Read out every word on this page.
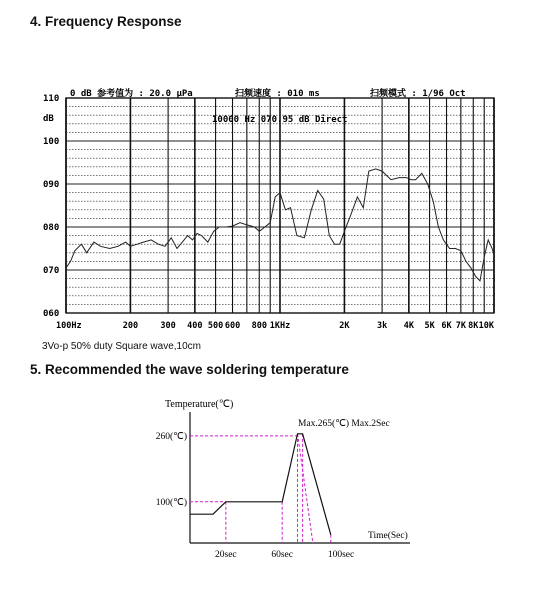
4. Frequency Response
0 dB 参考值为 : 20.0 μPa	扫频速度 : 010 ms	扫频模式 : 1/96 Oct
10000 Hz 070.95 dB Direct
dB
110
100
090
080
070
060
100Hz	200	300 400 500 600 800 1KHz	2K	3k 4K 5K 6K 7K 8K 10K
3Vo-p 50% duty Square wave,10cm
5. Recommended the wave soldering temperature
Temperature(℃)
260(℃)
100(℃)
20sec	60sec	100sec
Max.265(℃) Max.2Sec
Time(Sec)
